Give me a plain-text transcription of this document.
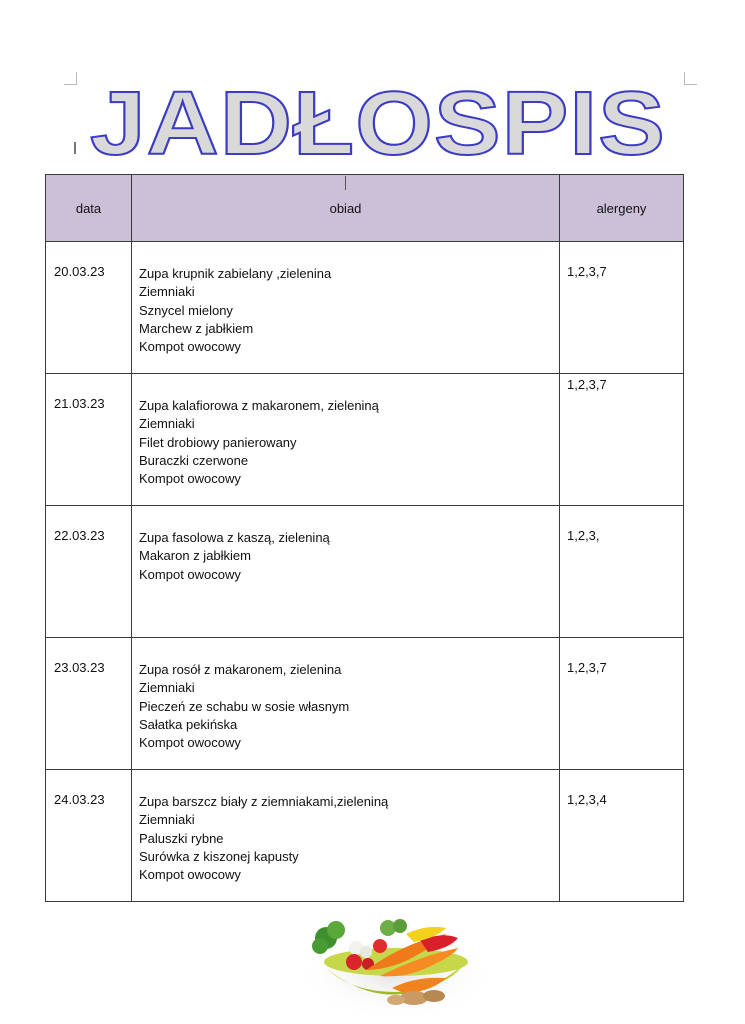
JADŁOSPIS
data	obiad	alergeny

20.03.23	Zupa krupnik zabielany ,zielenina
Ziemniaki
Sznycel mielony
Marchew z jabłkiem
Kompot owocowy	1,2,3,7

21.03.23	Zupa kalafiorowa z makaronem, zieleniną
Ziemniaki
Filet drobiowy panierowany
Buraczki czerwone
Kompot owocowy	1,2,3,7

22.03.23	Zupa fasolowa z kaszą, zieleniną
Makaron z jabłkiem
Kompot owocowy	1,2,3,

23.03.23	Zupa rosół z makaronem, zielenina
Ziemniaki
Pieczeń ze schabu w sosie własnym
Sałatka pekińska
Kompot owocowy	1,2,3,7

24.03.23	Zupa barszcz biały z ziemniakami,zieleniną
Ziemniaki
Paluszki rybne
Surówka z kiszonej kapusty
Kompot owocowy	1,2,3,4
